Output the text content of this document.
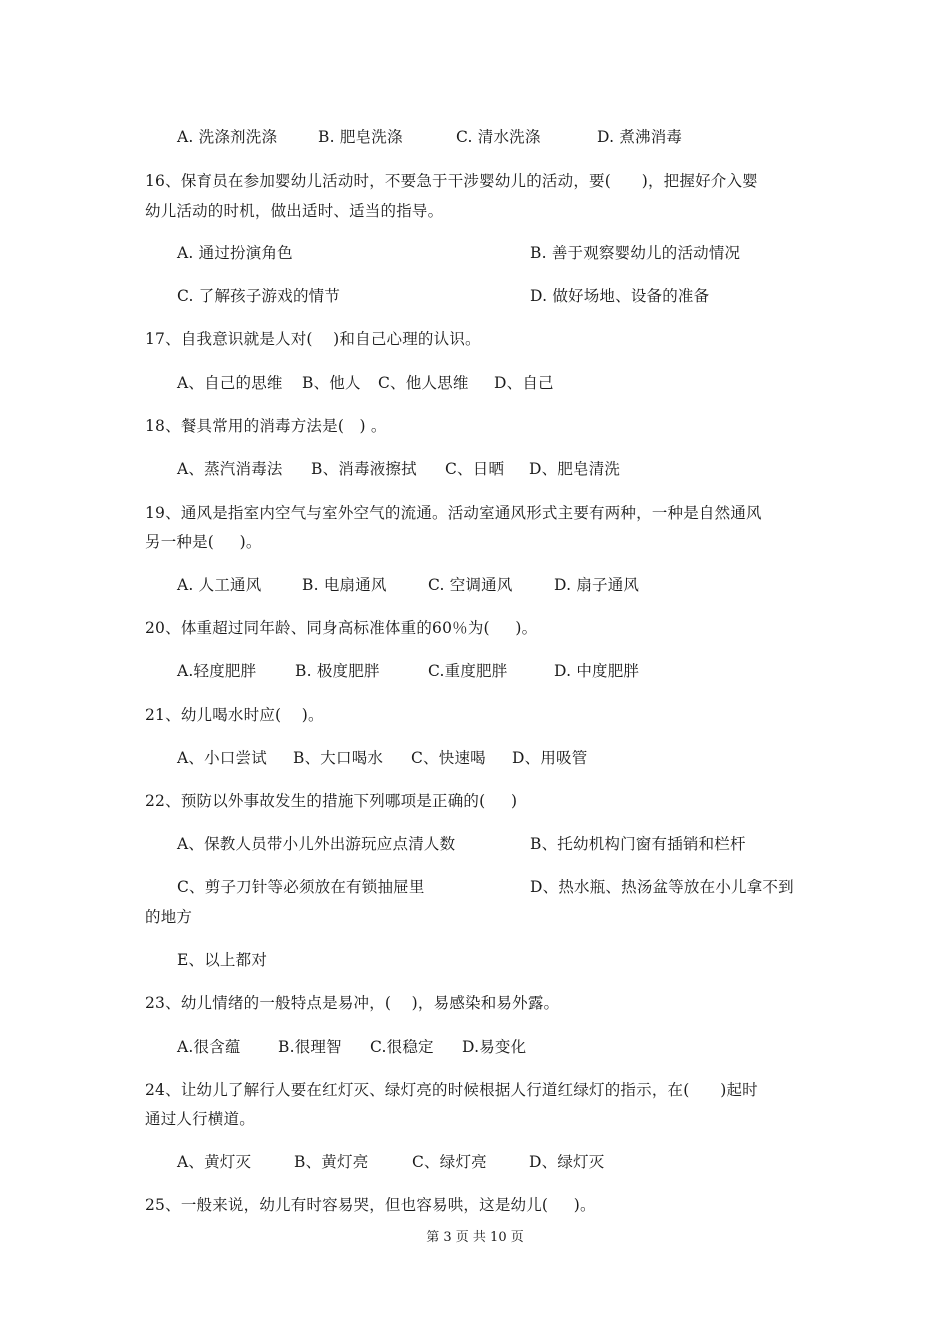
A. 洗涤剂洗涤	B. 肥皂洗涤	C. 清水洗涤	D. 煮沸消毒
16、保育员在参加婴幼儿活动时，不要急于干涉婴幼儿的活动，要(      )，把握好介入婴
幼儿活动的时机，做出适时、适当的指导。
A. 通过扮演角色	B. 善于观察婴幼儿的活动情况
C. 了解孩子游戏的情节	D. 做好场地、设备的准备
17、自我意识就是人对(    )和自己心理的认识。
A、自己的思维 B、他人 C、他人思维 D、自己
18、餐具常用的消毒方法是(   ) 。
A、蒸汽消毒法 B、消毒液擦拭 C、日晒 D、肥皂清洗
19、通风是指室内空气与室外空气的流通。活动室通风形式主要有两种，一种是自然通风
另一种是(     )。
A. 人工通风	B. 电扇通风	C. 空调通风	D. 扇子通风
20、体重超过同年龄、同身高标准体重的60％为(     )。
A.轻度肥胖 B. 极度肥胖	C.重度肥胖	D. 中度肥胖
21、幼儿喝水时应(    )。
A、小口尝试 B、大口喝水 C、快速喝 D、用吸管
22、预防以外事故发生的措施下列哪项是正确的(     )
A、保教人员带小儿外出游玩应点清人数	B、托幼机构门窗有插销和栏杆
C、剪子刀针等必须放在有锁抽屉里	D、热水瓶、热汤盆等放在小儿拿不到
的地方
E、以上都对
23、幼儿情绪的一般特点是易冲，(    )，易感染和易外露。
A.很含蕴 B.很理智 C.很稳定 D.易变化
24、让幼儿了解行人要在红灯灭、绿灯亮的时候根据人行道红绿灯的指示，在(      )起时
通过人行横道。
A、黄灯灭	B、黄灯亮	C、绿灯亮	D、绿灯灭
25、一般来说，幼儿有时容易哭，但也容易哄，这是幼儿(     )。
第 3 页 共 10 页
